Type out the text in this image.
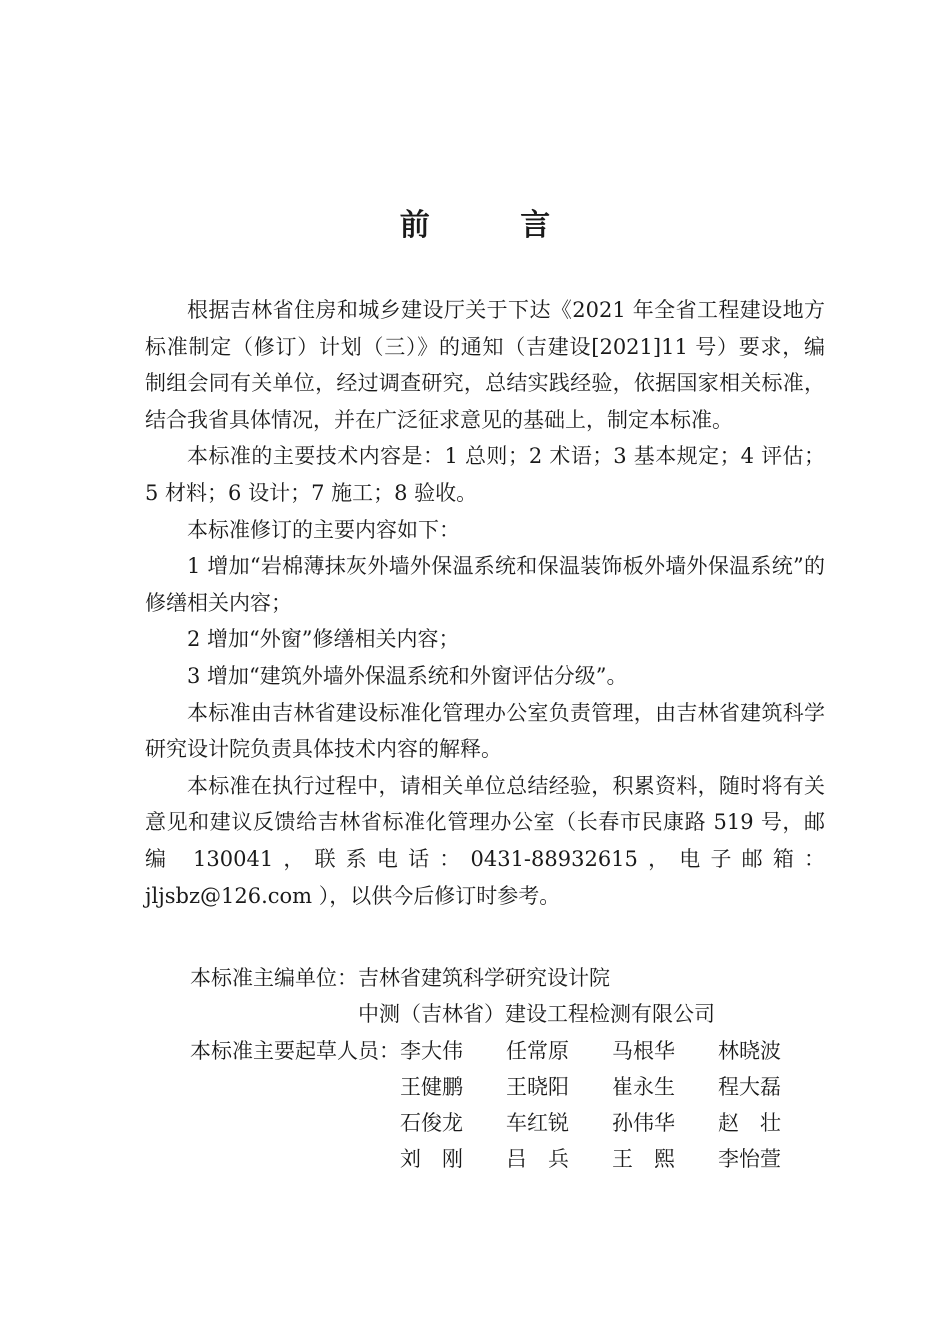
前 言

根据吉林省住房和城乡建设厅关于下达《2021 年全省工程建设地方标准制定（修订）计划（三）》的通知（吉建设[2021]11 号）要求，编制组会同有关单位，经过调查研究，总结实践经验，依据国家相关标准，结合我省具体情况，并在广泛征求意见的基础上，制定本标准。

本标准的主要技术内容是：1 总则；2 术语；3 基本规定；4 评估；5 材料；6 设计；7 施工；8 验收。

本标准修订的主要内容如下：

1 增加“岩棉薄抹灰外墙外保温系统和保温装饰板外墙外保温系统”的修缮相关内容；

2 增加“外窗”修缮相关内容；

3 增加“建筑外墙外保温系统和外窗评估分级”。

本标准由吉林省建设标准化管理办公室负责管理，由吉林省建筑科学研究设计院负责具体技术内容的解释。

本标准在执行过程中，请相关单位总结经验，积累资料，随时将有关意见和建议反馈给吉林省标准化管理办公室（长春市民康路 519 号，邮编 130041，联系电话：0431-88932615，电子邮箱：jljsbz@126.com ），以供今后修订时参考。

本标准主编单位： 吉林省建筑科学研究设计院
中测（吉林省）建设工程检测有限公司
本标准主要起草人员： 李大伟	任常原	马根华	林晓波
王健鹏	王晓阳	崔永生	程大磊
石俊龙	车红锐	孙伟华	赵壮
刘刚	吕兵	王熙	李怡萱
